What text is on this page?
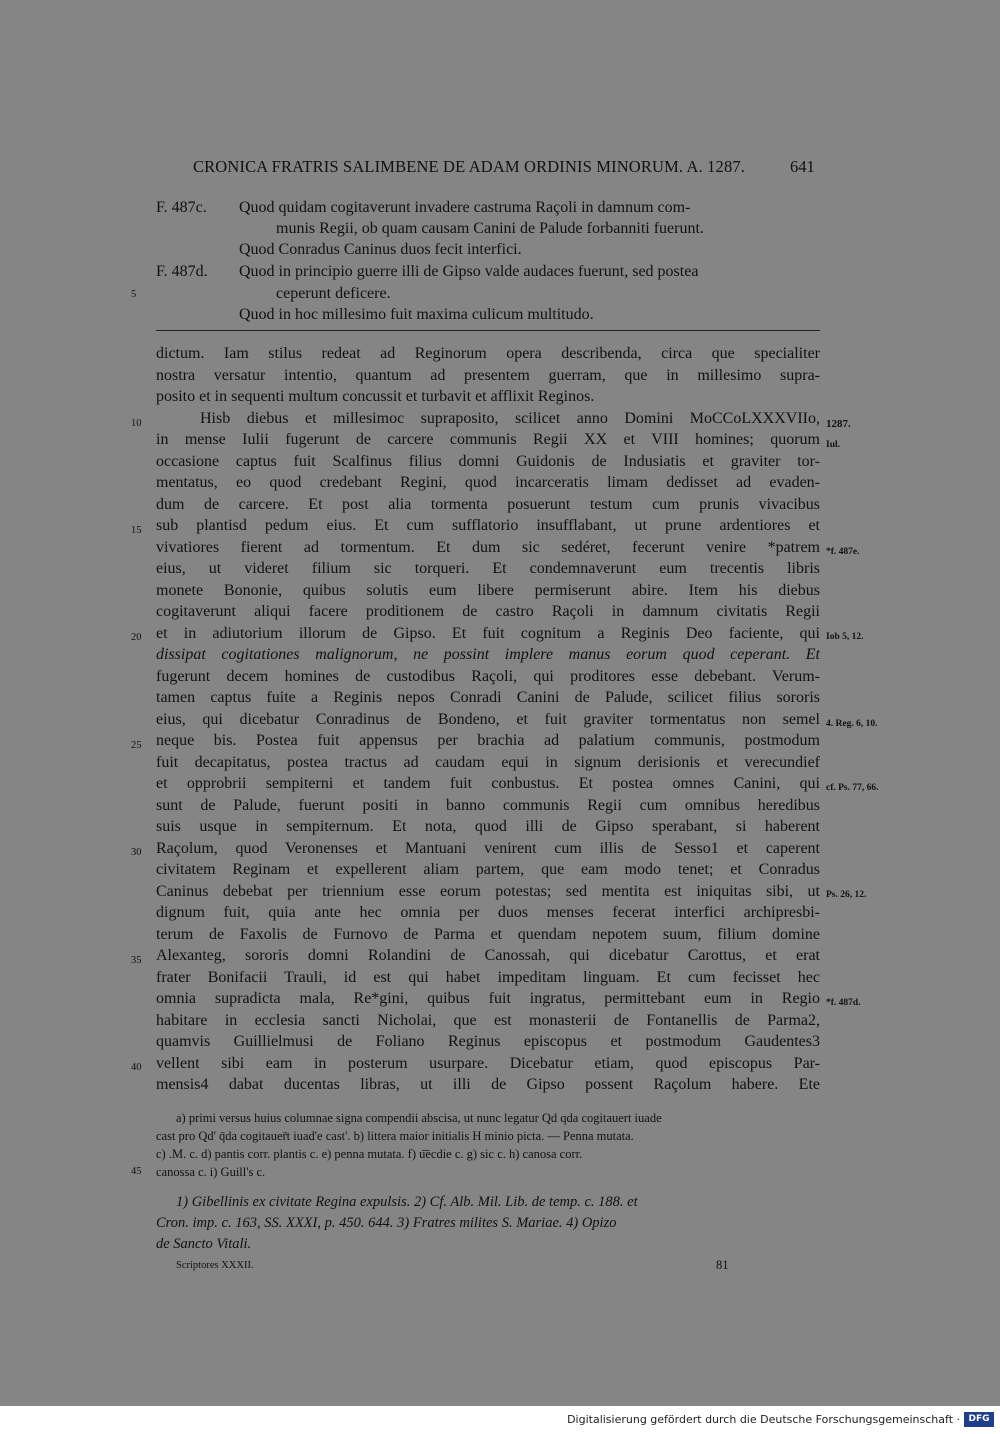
CRONICA FRATRIS SALIMBENE DE ADAM ORDINIS MINORUM. A. 1287.	641
F. 487c. Quod quidam cogitaverunt invadere castruma Raçoli in damnum com-
munis Regii, ob quam causam Canini de Palude forbanniti fuerunt.
Quod Conradus Caninus duos fecit interfici.
F. 487d. Quod in principio guerre illi de Gipso valde audaces fuerunt, sed postea
ceperunt deficere.
Quod in hoc millesimo fuit maxima culicum multitudo.
5
dictum. Iam stilus redeat ad Reginorum opera describenda, circa que specialiter
nostra versatur intentio, quantum ad presentem guerram, que in millesimo supra-
posito et in sequenti multum concussit et turbavit et afflixit Reginos.
Hisb diebus et millesimoc supraposito, scilicet anno Domini MoCCoLXXXVIIo,
in mense Iulii fugerunt de carcere communis Regii XX et VIII homines; quorum
occasione captus fuit Scalfinus filius domni Guidonis de Indusiatis et graviter tor-
mentatus, eo quod credebant Regini, quod incarceratis limam dedisset ad evaden-
dum de carcere. Et post alia tormenta posuerunt testum cum prunis vivacibus
sub plantisd pedum eius. Et cum sufflatorio insufflabant, ut prune ardentiores et
vivatiores fierent ad tormentum. Et dum sic sedéret, fecerunt venire *patrem
eius, ut videret filium sic torqueri. Et condemnaverunt eum trecentis libris
monete Bononie, quibus solutis eum libere permiserunt abire. Item his diebus
cogitaverunt aliqui facere proditionem de castro Raçoli in damnum civitatis Regii
et in adiutorium illorum de Gipso. Et fuit cognitum a Reginis Deo faciente, qui
dissipat cogitationes malignorum, ne possint implere manus eorum quod ceperant. Et
fugerunt decem homines de custodibus Raçoli, qui proditores esse debebant. Verum-
tamen captus fuite a Reginis nepos Conradi Canini de Palude, scilicet filius sororis
eius, qui dicebatur Conradinus de Bondeno, et fuit graviter tormentatus non semel
neque bis. Postea fuit appensus per brachia ad palatium communis, postmodum
fuit decapitatus, postea tractus ad caudam equi in signum derisionis et verecundief
et opprobrii sempiterni et tandem fuit conbustus. Et postea omnes Canini, qui
sunt de Palude, fuerunt positi in banno communis Regii cum omnibus heredibus
suis usque in sempiternum. Et nota, quod illi de Gipso sperabant, si haberent
Raçolum, quod Veronenses et Mantuani venirent cum illis de Sesso1 et caperent
civitatem Reginam et expellerent aliam partem, que eam modo tenet; et Conradus
Caninus debebat per triennium esse eorum potestas; sed mentita est iniquitas sibi, ut
dignum fuit, quia ante hec omnia per duos menses fecerat interfici archipresbi-
terum de Faxolis de Furnovo de Parma et quendam nepotem suum, filium domine
Alexanteg, sororis domni Rolandini de Canossah, qui dicebatur Carottus, et erat
frater Bonifacii Trauli, id est qui habet impeditam linguam. Et cum fecisset hec
omnia supradicta mala, Re*gini, quibus fuit ingratus, permittebant eum in Regio
habitare in ecclesia sancti Nicholai, que est monasterii de Fontanellis de Parma2,
quamvis Guillielmusi de Foliano Reginus episcopus et postmodum Gaudentes3
vellent sibi eam in posterum usurpare. Dicebatur etiam, quod episcopus Par-
mensis4 dabat ducentas libras, ut illi de Gipso possent Raçolum habere. Ete
10
15
20
25
30
35
40
1287.
Iul.
*f. 487e.
Iob 5, 12.
4. Reg. 6, 10.
cf. Ps. 77, 66.
Ps. 26, 12.
*f. 487d.
a) primi versus huius columnae signa compendii abscisa, ut nunc legatur Qd qda cogitauert iuade
cast pro Qd' q̄da cogitauer̄t iuad'e cast'. b) littera maior initialis H minio picta. — Penna mutata.
c) .M. c. d) pantis corr. plantis c. e) penna mutata. f) u͞ecdie c. g) sic c. h) canosa corr.
canossa c. i) Guill's c.
45
1) Gibellinis ex civitate Regina expulsis. 2) Cf. Alb. Mil. Lib. de temp. c. 188. et
Cron. imp. c. 163, SS. XXXI, p. 450. 644. 3) Fratres milites S. Mariae. 4) Opizo
de Sancto Vitali.
Scriptores XXXII.	81
Digitalisierung gefördert durch die Deutsche Forschungsgemeinschaft · DFG
